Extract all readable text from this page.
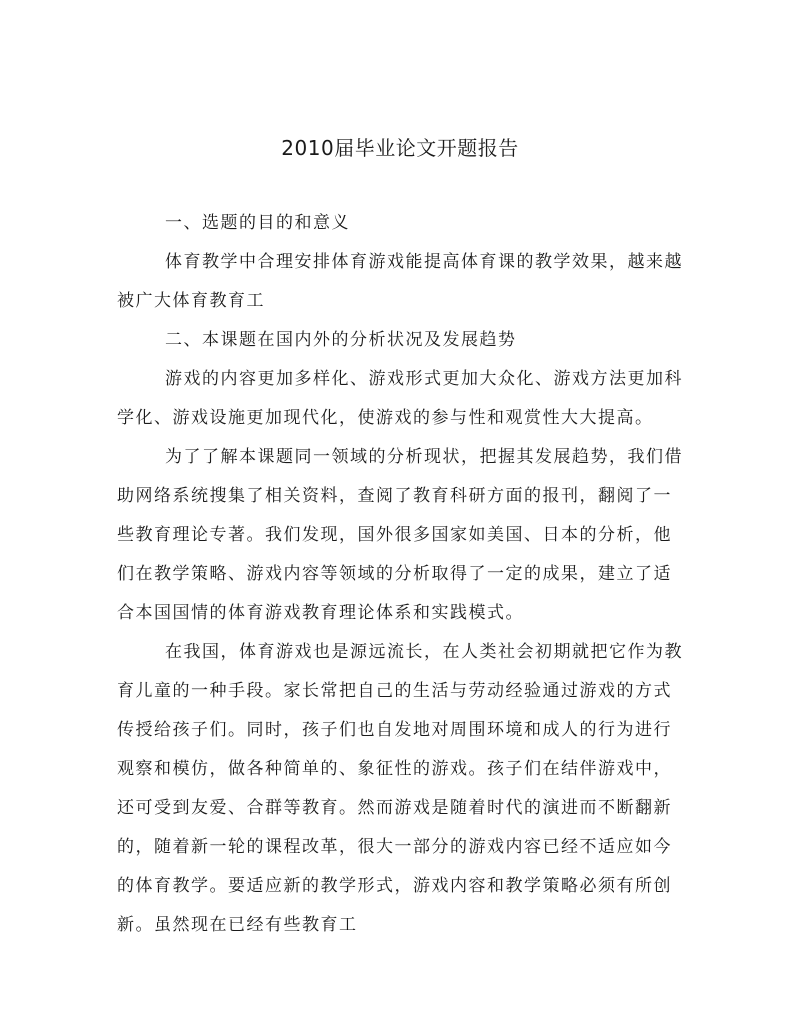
2010届毕业论文开题报告
一、选题的目的和意义
体育教学中合理安排体育游戏能提高体育课的教学效果，越来越
被广大体育教育工
二、本课题在国内外的分析状况及发展趋势
游戏的内容更加多样化、游戏形式更加大众化、游戏方法更加科
学化、游戏设施更加现代化，使游戏的参与性和观赏性大大提高。
为了了解本课题同一领域的分析现状，把握其发展趋势，我们借
助网络系统搜集了相关资料，查阅了教育科研方面的报刊，翻阅了一
些教育理论专著。我们发现，国外很多国家如美国、日本的分析，他
们在教学策略、游戏内容等领域的分析取得了一定的成果，建立了适
合本国国情的体育游戏教育理论体系和实践模式。
在我国，体育游戏也是源远流长，在人类社会初期就把它作为教
育儿童的一种手段。家长常把自己的生活与劳动经验通过游戏的方式
传授给孩子们。同时，孩子们也自发地对周围环境和成人的行为进行
观察和模仿，做各种简单的、象征性的游戏。孩子们在结伴游戏中，
还可受到友爱、合群等教育。然而游戏是随着时代的演进而不断翻新
的，随着新一轮的课程改革，很大一部分的游戏内容已经不适应如今
的体育教学。要适应新的教学形式，游戏内容和教学策略必须有所创
新。虽然现在已经有些教育工
